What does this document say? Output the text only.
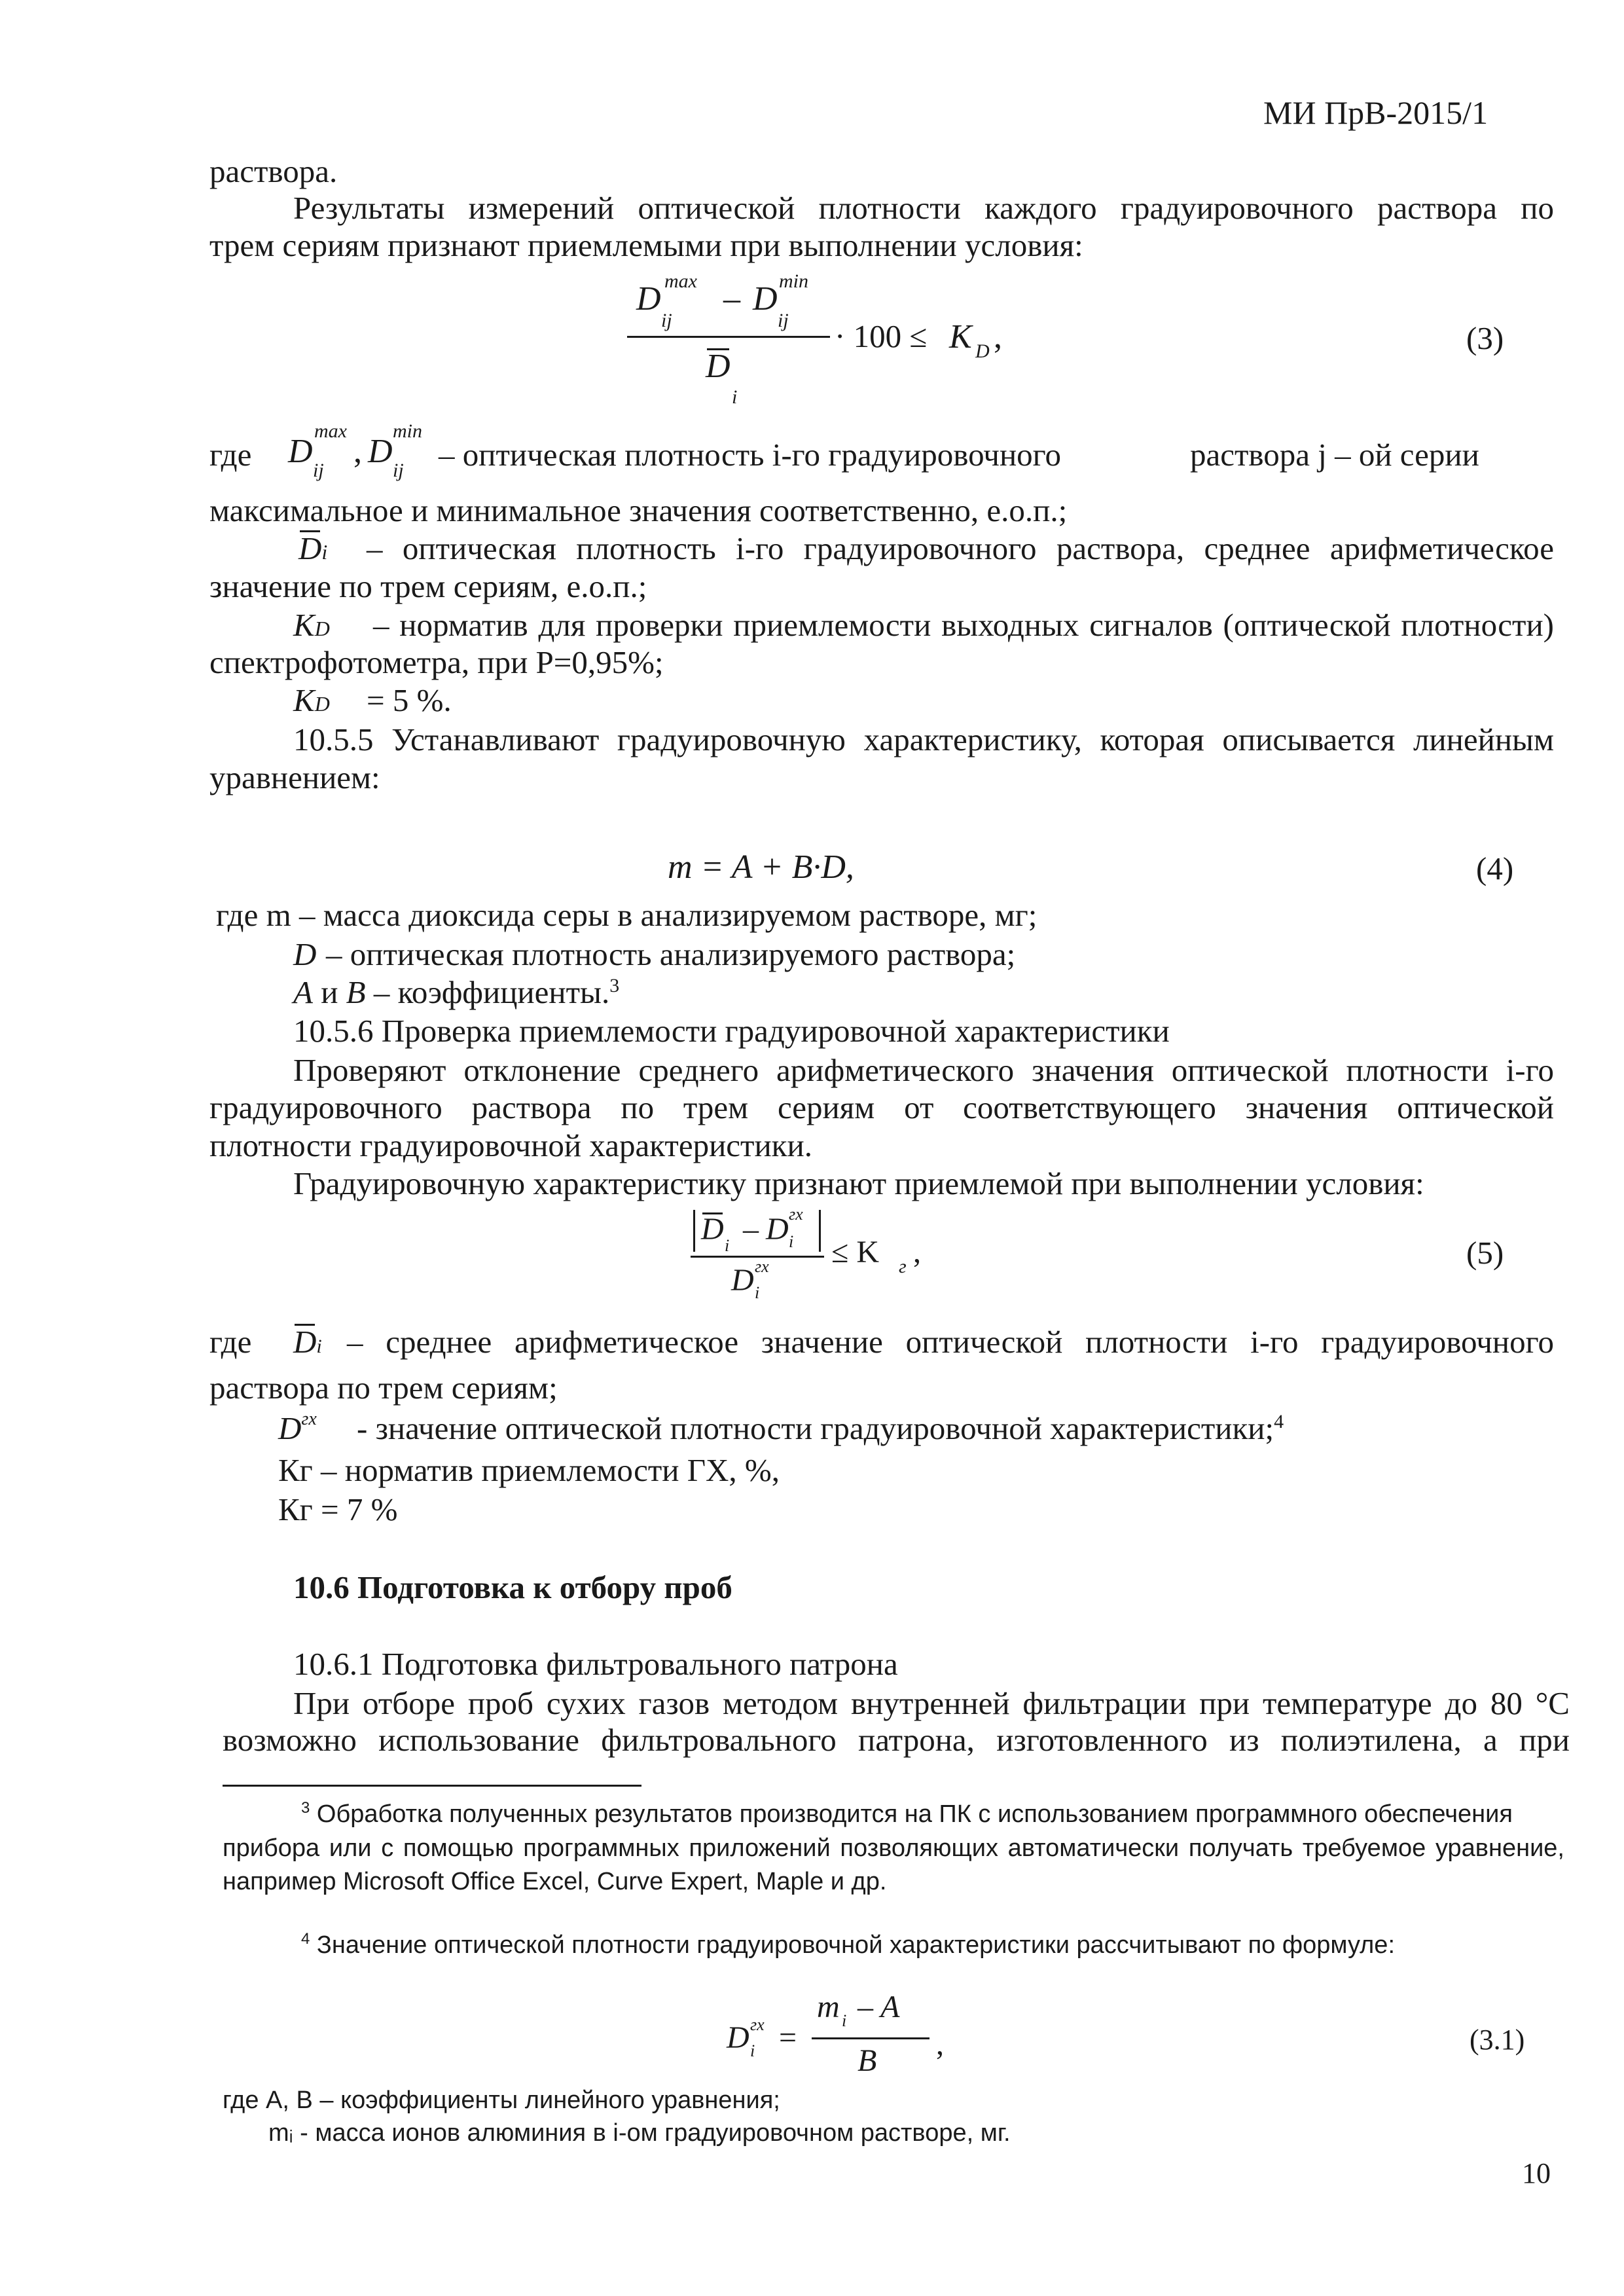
МИ ПрВ-2015/1
раствора.
Результаты измерений оптической плотности каждого градуировочного раствора по
трем сериям признают приемлемыми при выполнении условия:
D max
ij
– D min
ij
D
i
· 100 ≤ K D ,	(3)
где D
max
ij
, D
min
ij – оптическая плотность i-го градуировочного	раствора j – ой серии
максимальное и минимальное значения соответственно, е.о.п.;
Di – оптическая плотность i-го градуировочного раствора, среднее арифметическое
значение по трем сериям, е.о.п.;
KD – норматив для проверки приемлемости выходных сигналов (оптической плотности)
спектрофотометра, при Р=0,95%;
KD = 5 %.
10.5.5 Устанавливают градуировочную характеристику, которая описывается линейным
уравнением:
m = A + B·D,	(4)
где m – масса диоксида серы в анализируемом растворе, мг;
D – оптическая плотность анализируемого раствора;
A и B – коэффициенты.$^3$
10.5.6 Проверка приемлемости градуировочной характеристики
Проверяют отклонение среднего арифметического значения оптической плотности i-го
градуировочного раствора по трем сериям от соответствующего значения оптической
плотности градуировочной характеристики.
Градуировочную характеристику признают приемлемой при выполнении условия:
D i – D гх
i
D гх
i
≤ K г ,	(5)
где Di – среднее арифметическое значение оптической плотности i-го градуировочного
раствора по трем сериям;
$D^{гх}$ - значение оптической плотности градуировочной характеристики;$^4$
Кг – норматив приемлемости ГХ, %,
Кг = 7 %
10.6 Подготовка к отбору проб
10.6.1 Подготовка фильтровального патрона
При отборе проб сухих газов методом внутренней фильтрации при температуре до 80 °С
возможно использование фильтровального патрона, изготовленного из полиэтилена, а при
$^3$ Обработка полученных результатов производится на ПК с использованием программного обеспечения
прибора или с помощью программных приложений позволяющих автоматически получать требуемое уравнение,
например Microsoft Office Excel, Curve Expert, Maple и др.
$^4$ Значение оптической плотности градуировочной характеристики рассчитывают по формуле:
D гх
i =
m i – A
B ,	(3.1)
где А, В – коэффициенты линейного уравнения;
mᵢ - масса ионов алюминия в i-ом градуировочном растворе, мг.
10
